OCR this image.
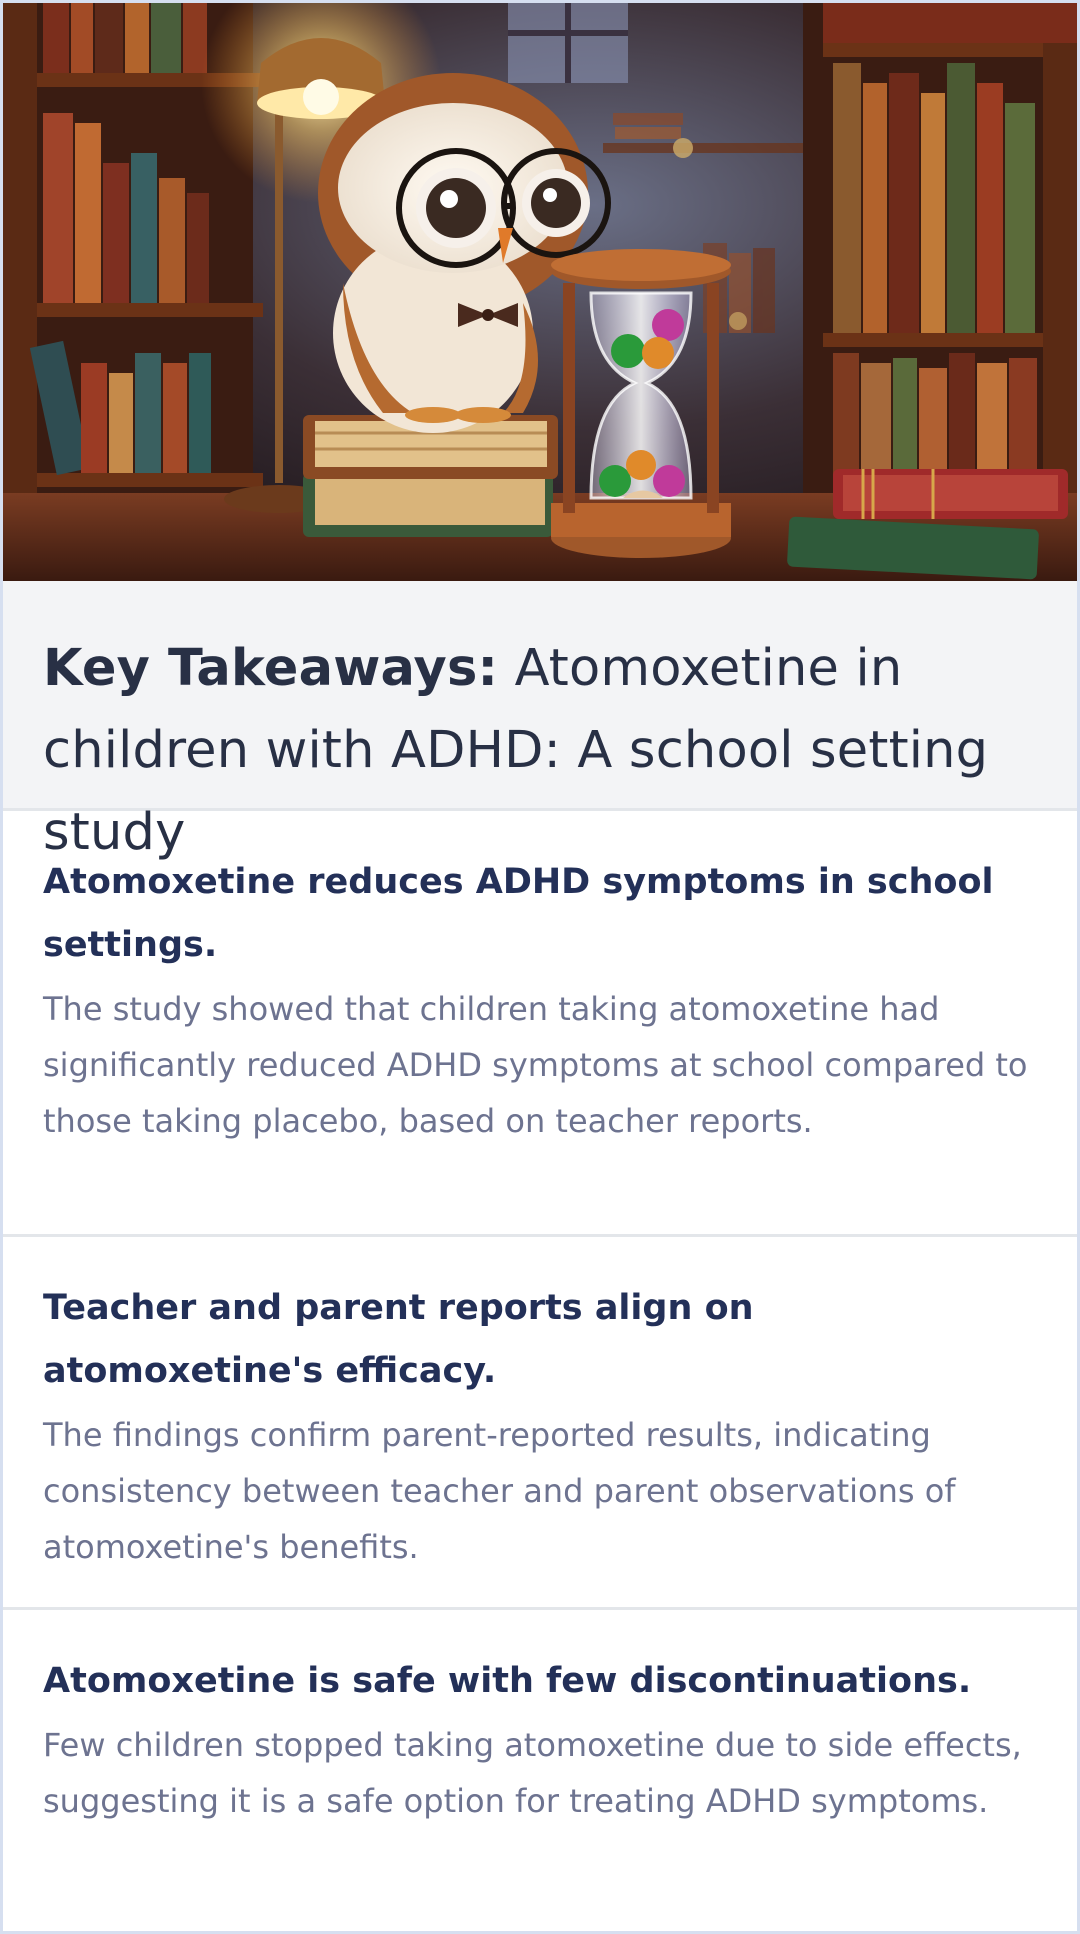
Key Takeaways: Atomoxetine in children with ADHD: A school setting study
Atomoxetine reduces ADHD symptoms in school settings.

The study showed that children taking atomoxetine had significantly reduced ADHD symptoms at school compared to those taking placebo, based on teacher reports.

Teacher and parent reports align on atomoxetine's efficacy.

The findings confirm parent-reported results, indicating consistency between teacher and parent observations of atomoxetine's benefits.

Atomoxetine is safe with few discontinuations.

Few children stopped taking atomoxetine due to side effects, suggesting it is a safe option for treating ADHD symptoms.
